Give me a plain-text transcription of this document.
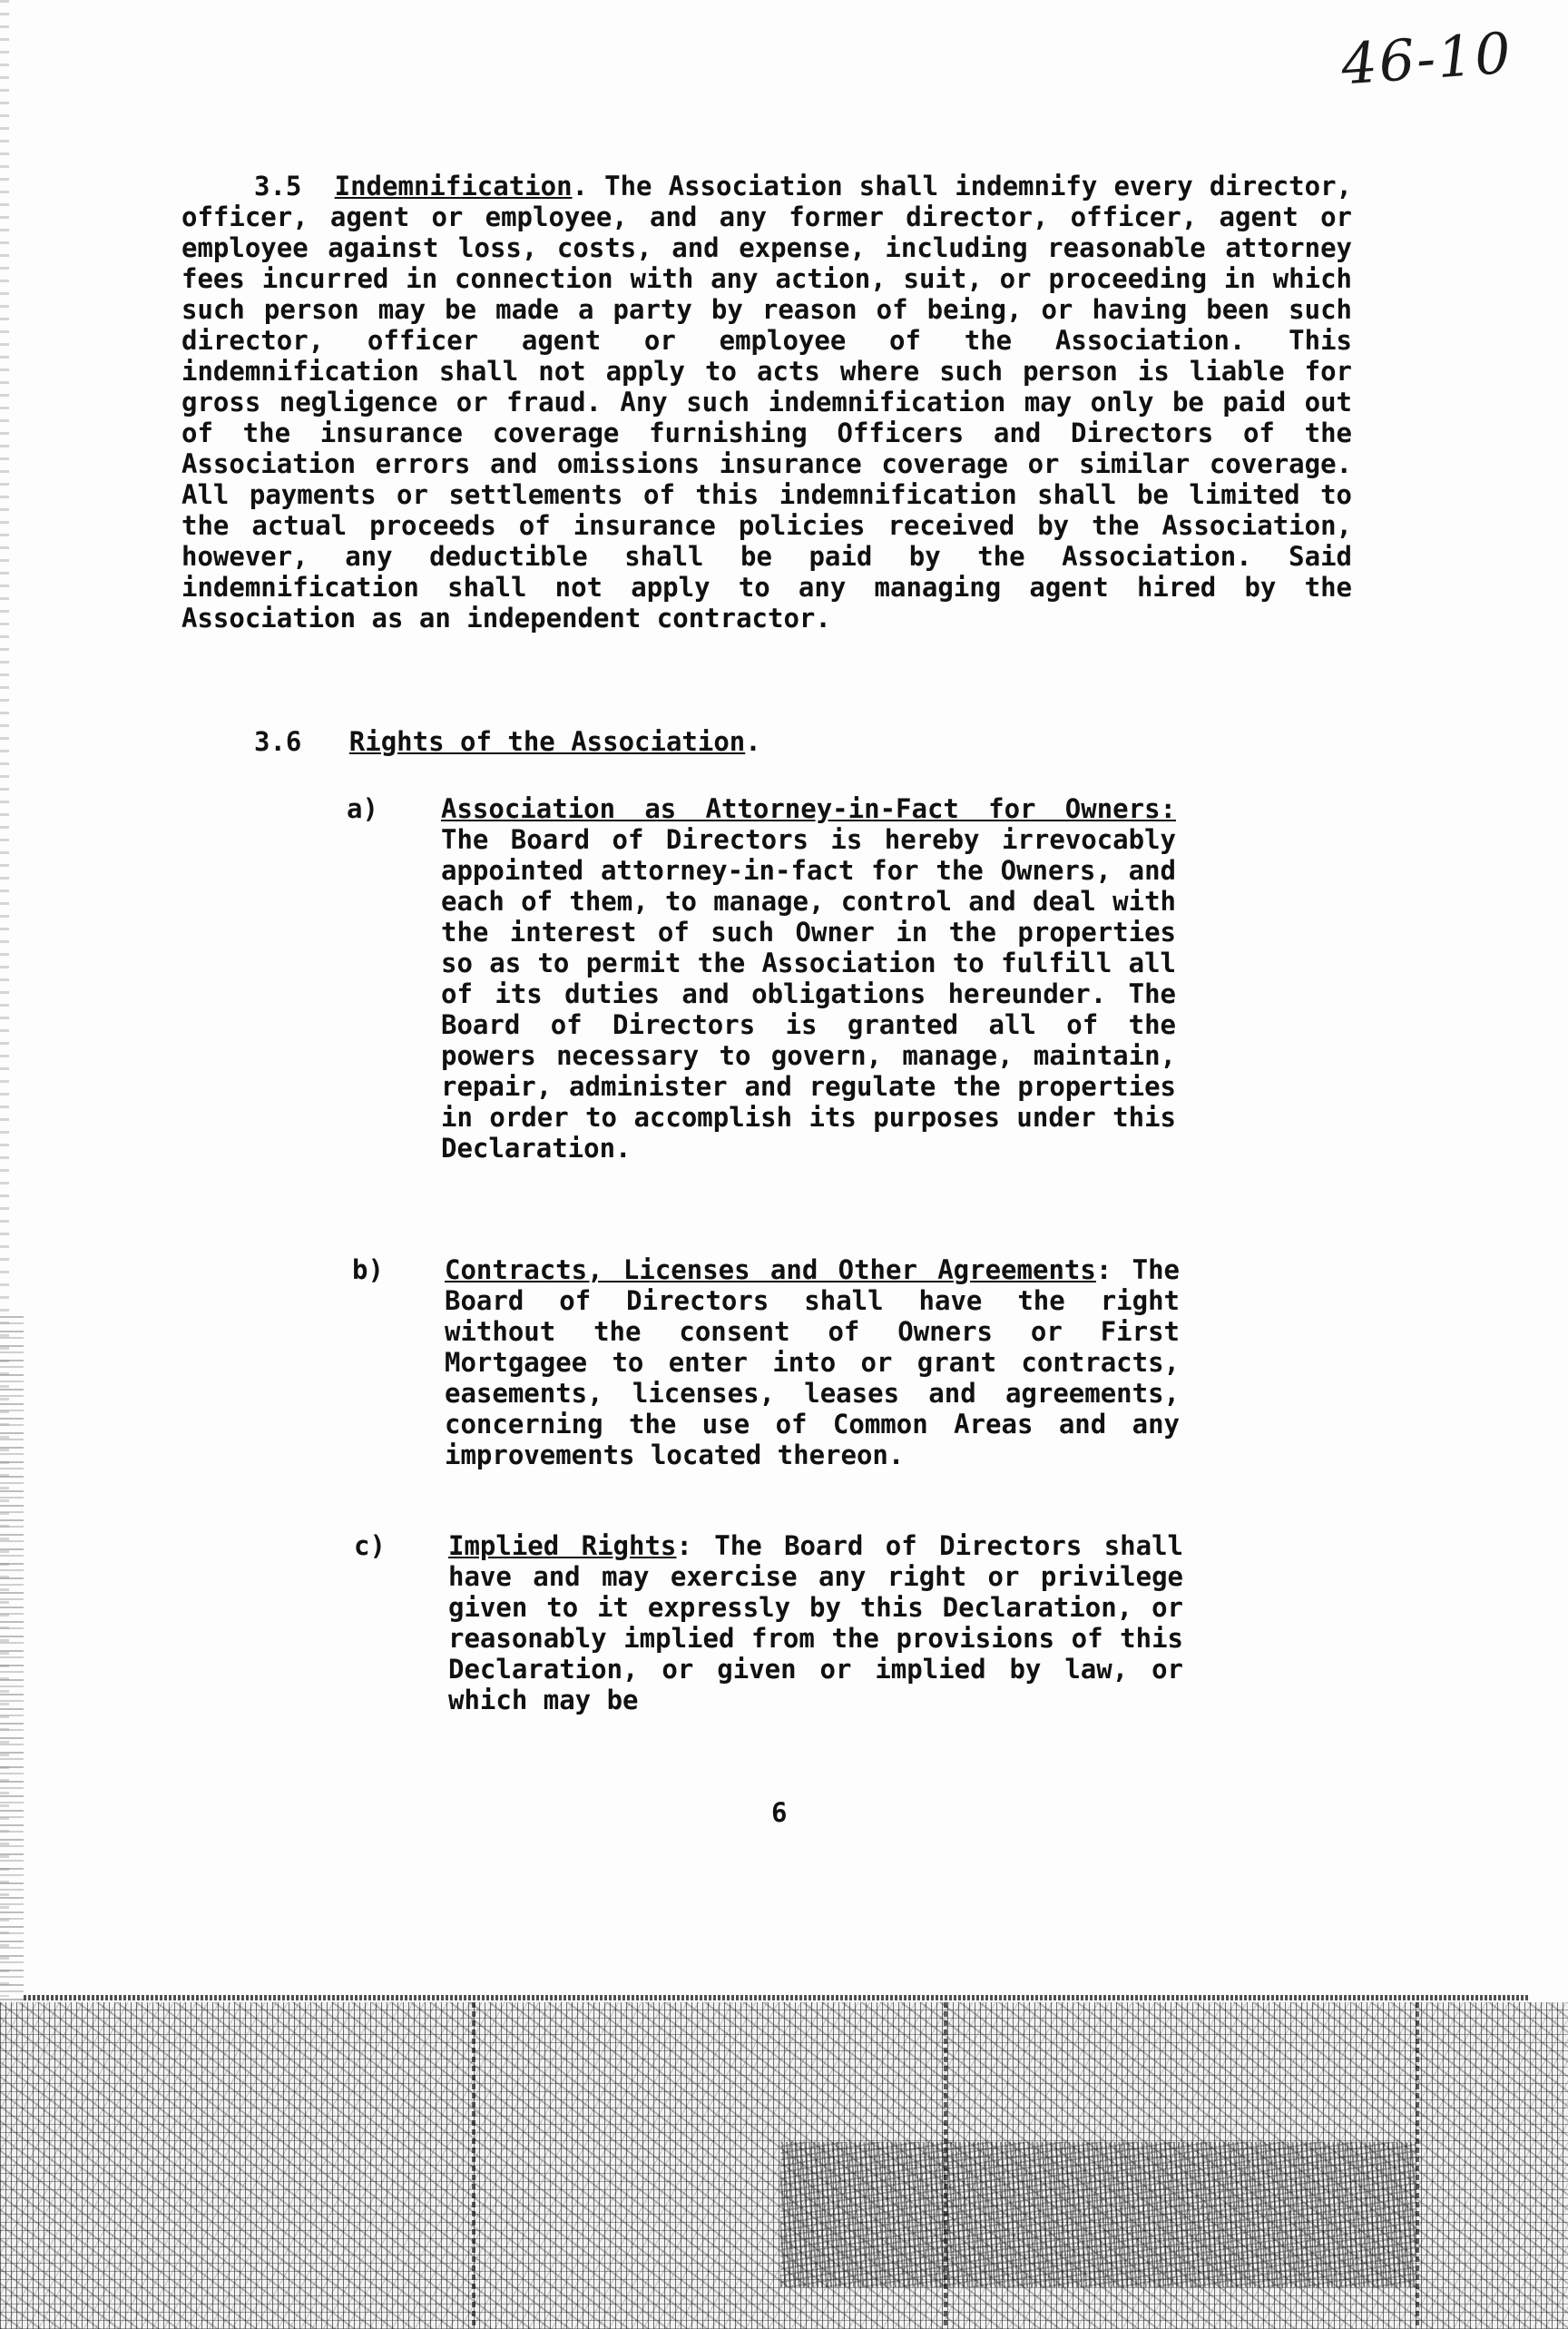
46-10

3.5 Indemnification. The Association shall indemnify every director, officer, agent or employee, and any former director, officer, agent or employee against loss, costs, and expense, including reasonable attorney fees incurred in connection with any action, suit, or proceeding in which such person may be made a party by reason of being, or having been such director, officer agent or employee of the Association. This indemnification shall not apply to acts where such person is liable for gross negligence or fraud. Any such indemnification may only be paid out of the insurance coverage furnishing Officers and Directors of the Association errors and omissions insurance coverage or similar coverage. All payments or settlements of this indemnification shall be limited to the actual proceeds of insurance policies received by the Association, however, any deductible shall be paid by the Association. Said indemnification shall not apply to any managing agent hired by the Association as an independent contractor.

3.6 Rights of the Association.
a) Association as Attorney-in-Fact for Owners: The Board of Directors is hereby irrevocably appointed attorney-in-fact for the Owners, and each of them, to manage, control and deal with the interest of such Owner in the properties so as to permit the Association to fulfill all of its duties and obligations hereunder. The Board of Directors is granted all of the powers necessary to govern, manage, maintain, repair, administer and regulate the properties in order to accomplish its purposes under this Declaration.

b) Contracts, Licenses and Other Agreements: The Board of Directors shall have the right without the consent of Owners or First Mortgagee to enter into or grant contracts, easements, licenses, leases and agreements, concerning the use of Common Areas and any improvements located thereon.

c) Implied Rights: The Board of Directors shall have and may exercise any right or privilege given to it expressly by this Declaration, or reasonably implied from the provisions of this Declaration, or given or implied by law, or which may be

6
